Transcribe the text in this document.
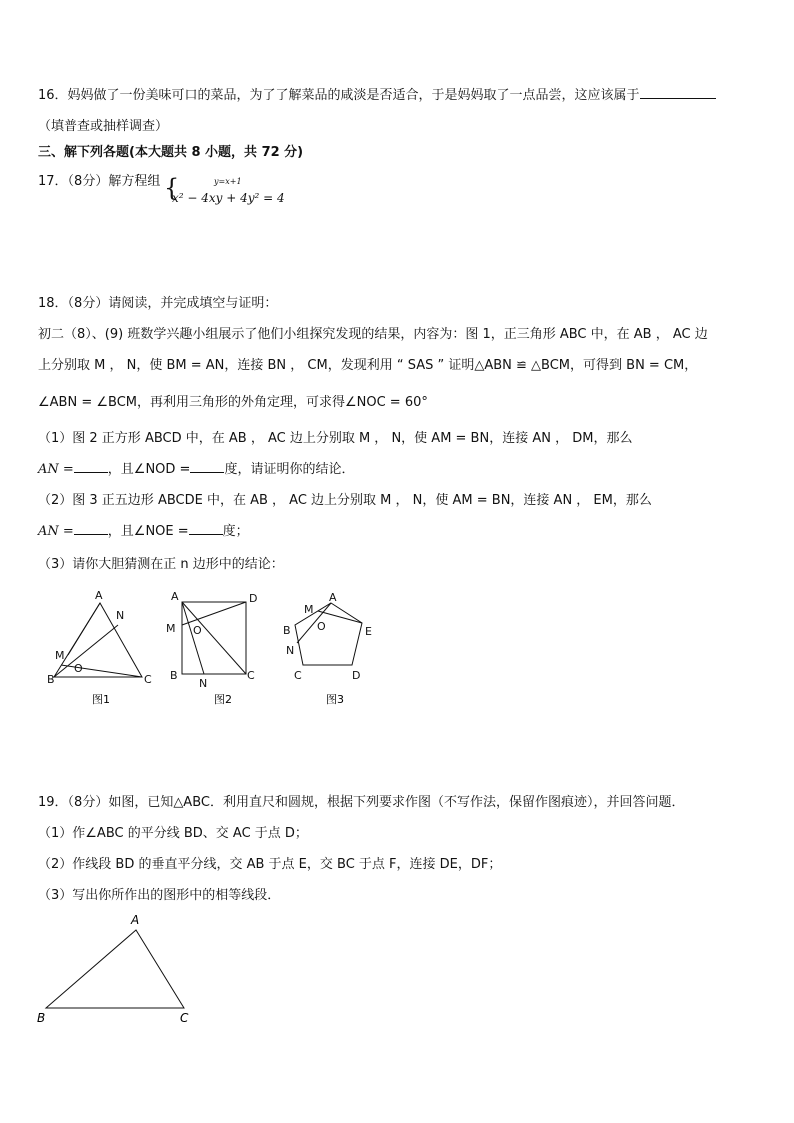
16．妈妈做了一份美味可口的菜品，为了了解菜品的咸淡是否适合，于是妈妈取了一点品尝，这应该属于
（填普查或抽样调查）
三、解下列各题(本大题共 8 小题，共 72 分)
17．（8分）解方程组 {	y=x+1
x² − 4xy + 4y² = 4
18．（8分）请阅读，并完成填空与证明：
初二（8）、(9) 班数学兴趣小组展示了他们小组探究发现的结果，内容为：图 1，正三角形 ABC 中，在 AB ， AC 边
上分别取 M ， N，使 BM = AN，连接 BN ， CM，发现利用 “ SAS ” 证明△ABN ≌ △BCM，可得到 BN = CM，
∠ABN = ∠BCM，再利用三角形的外角定理，可求得∠NOC = 60°
（1）图 2 正方形 ABCD 中，在 AB ， AC 边上分别取 M ， N，使 AM = BN，连接 AN ， DM，那么
AN =	，且∠NOD =	度，请证明你的结论．
（2）图 3 正五边形 ABCDE 中，在 AB ， AC 边上分别取 M ， N，使 AM = BN，连接 AN ， EM，那么
AN =	，且∠NOE =	度；
（3）请你大胆猜测在正 n 边形中的结论：
A
N
M
O
B	C
图1
A	D
M O
B
N
C
图2
M
A
B O	E
N
C	D
图3
19．（8分）如图，已知△ABC．利用直尺和圆规，根据下列要求作图（不写作法，保留作图痕迹），并回答问题．
（1）作∠ABC 的平分线 BD、交 AC 于点 D；
（2）作线段 BD 的垂直平分线，交 AB 于点 E，交 BC 于点 F，连接 DE，DF；
（3）写出你所作出的图形中的相等线段．
A
B	C
